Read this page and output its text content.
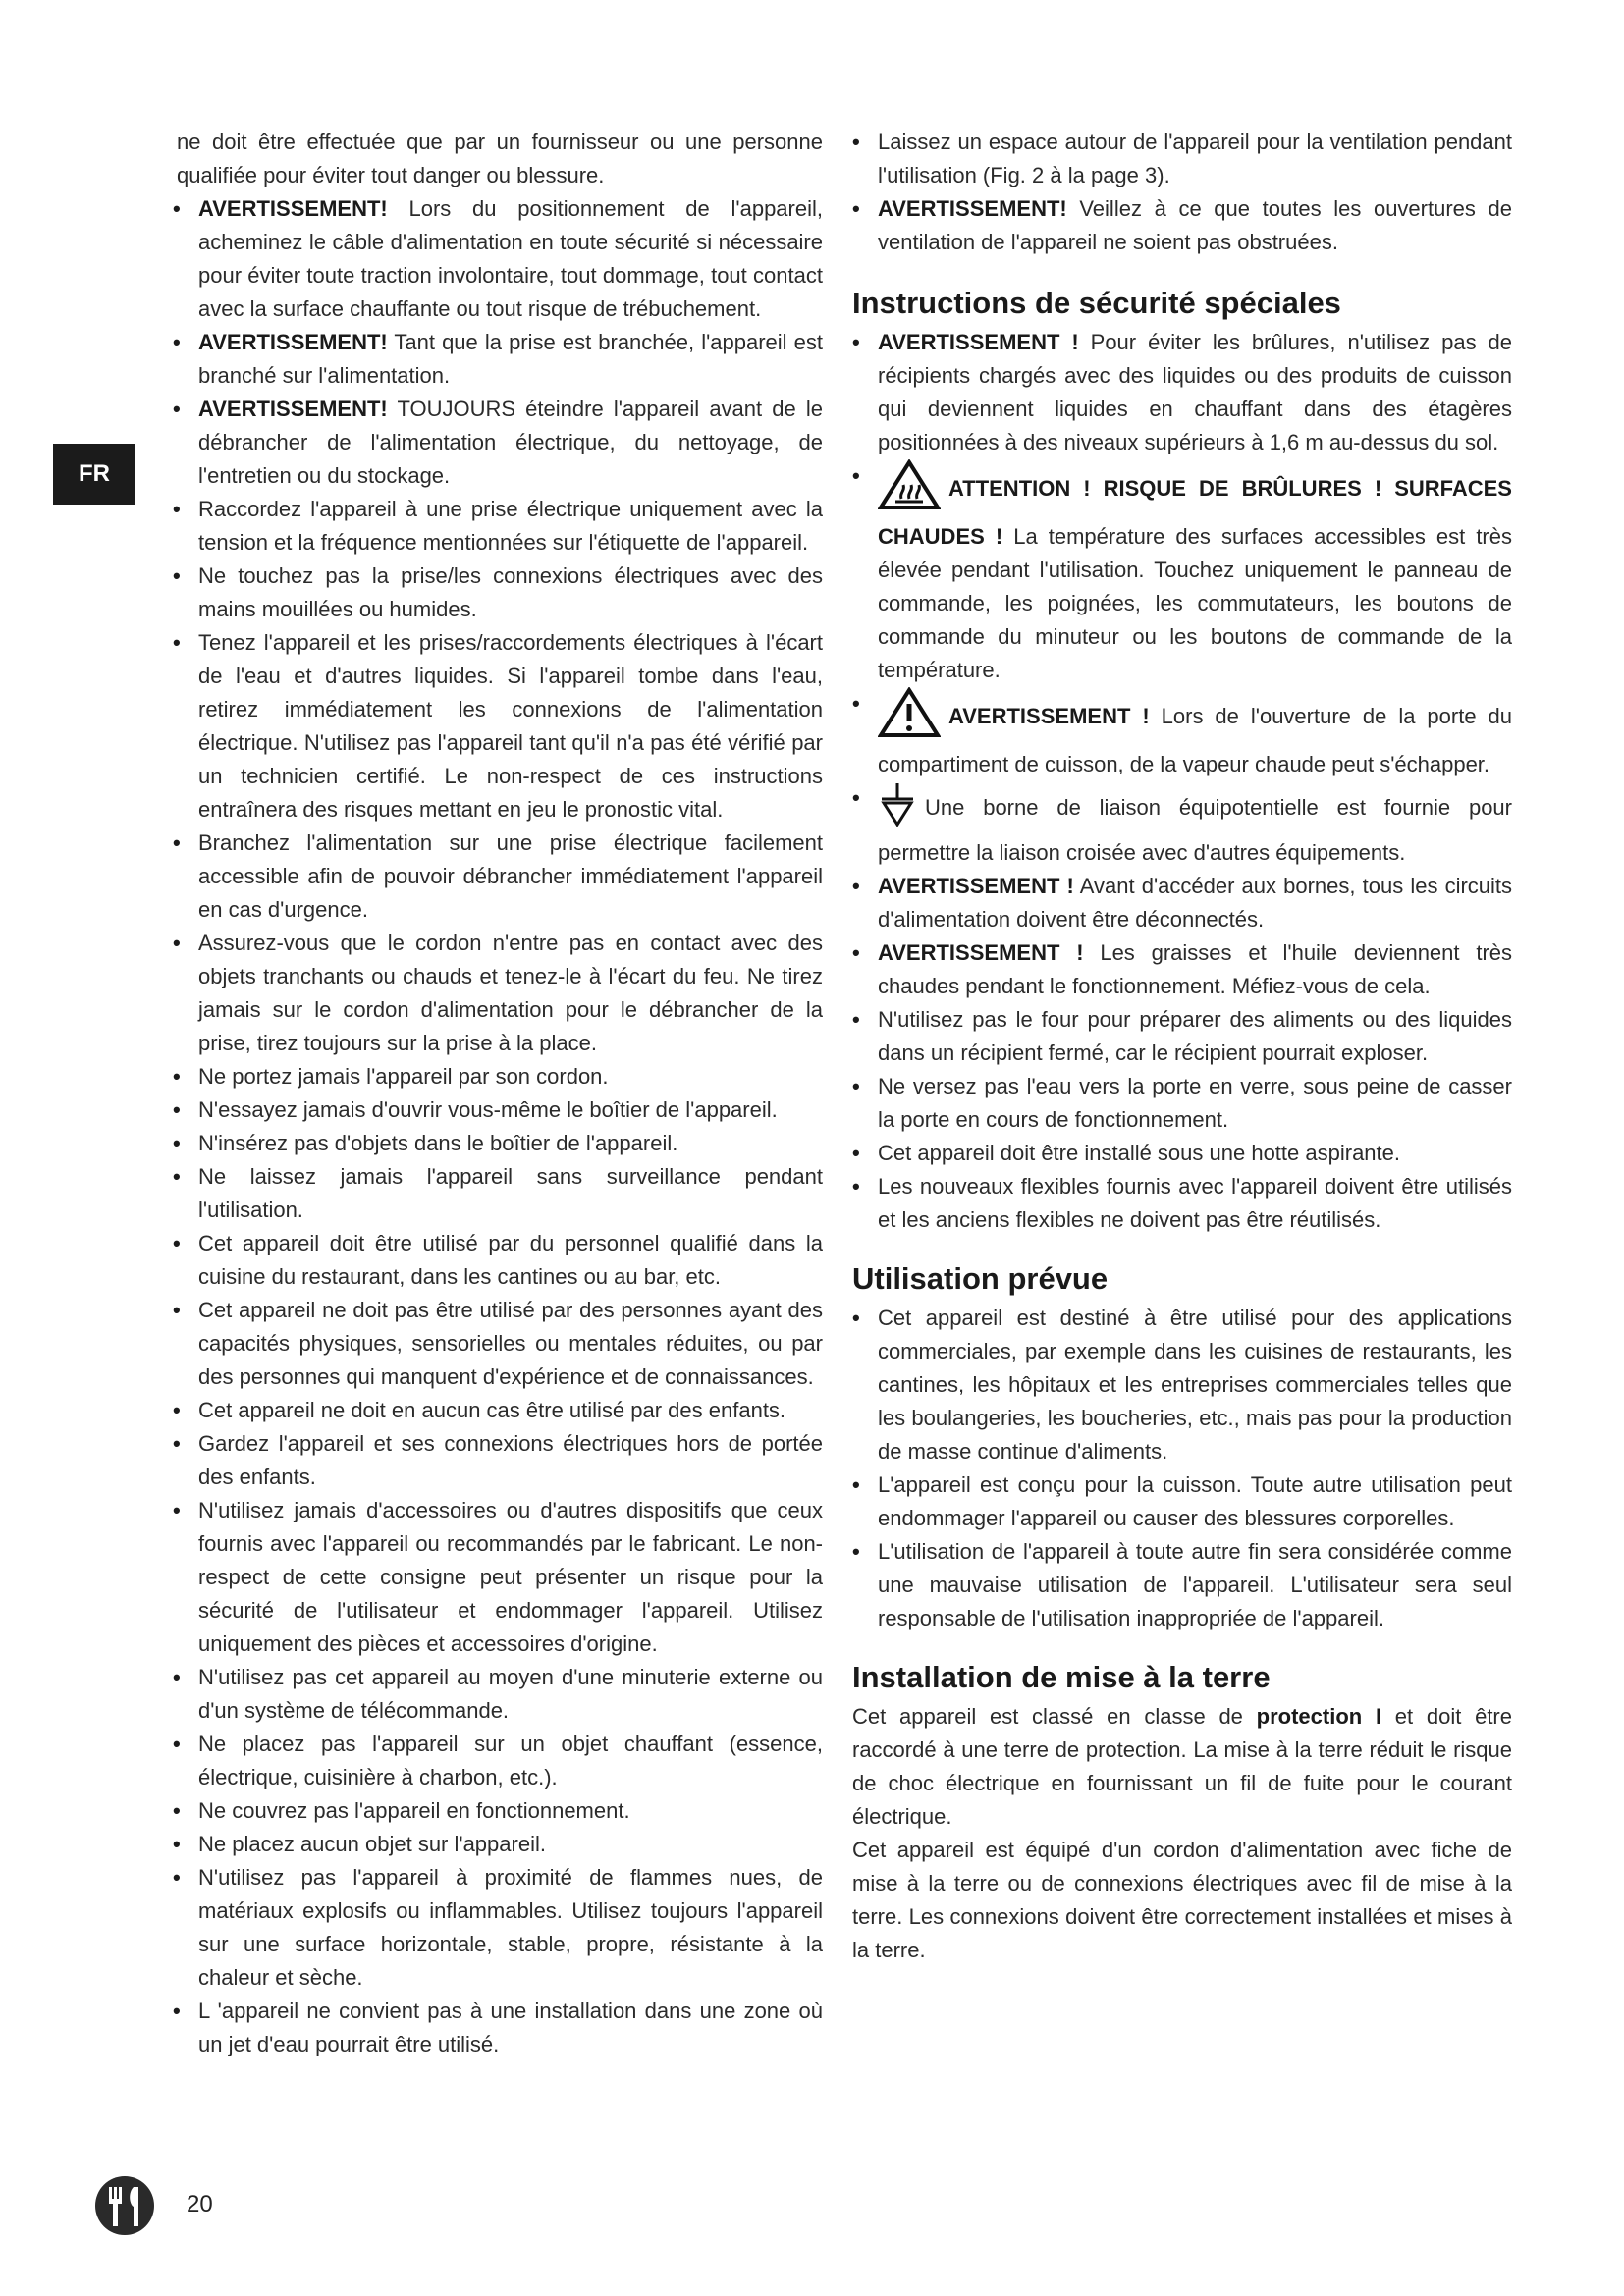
FR

ne doit être effectuée que par un fournisseur ou une personne qualifiée pour éviter tout danger ou blessure.

• AVERTISSEMENT! Lors du positionnement de l'appareil, acheminez le câble d'alimentation en toute sécurité si nécessaire pour éviter toute traction involontaire, tout dommage, tout contact avec la surface chauffante ou tout risque de trébuchement.

• AVERTISSEMENT! Tant que la prise est branchée, l'appareil est branché sur l'alimentation.

• AVERTISSEMENT! TOUJOURS éteindre l'appareil avant de le débrancher de l'alimentation électrique, du nettoyage, de l'entretien ou du stockage.

• Raccordez l'appareil à une prise électrique uniquement avec la tension et la fréquence mentionnées sur l'étiquette de l'appareil.

• Ne touchez pas la prise/les connexions électriques avec des mains mouillées ou humides.

• Tenez l'appareil et les prises/raccordements électriques à l'écart de l'eau et d'autres liquides. Si l'appareil tombe dans l'eau, retirez immédiatement les connexions de l'alimentation électrique. N'utilisez pas l'appareil tant qu'il n'a pas été vérifié par un technicien certifié. Le non-respect de ces instructions entraînera des risques mettant en jeu le pronostic vital.

• Branchez l'alimentation sur une prise électrique facilement accessible afin de pouvoir débrancher immédiatement l'appareil en cas d'urgence.

• Assurez-vous que le cordon n'entre pas en contact avec des objets tranchants ou chauds et tenez-le à l'écart du feu. Ne tirez jamais sur le cordon d'alimentation pour le débrancher de la prise, tirez toujours sur la prise à la place.

• Ne portez jamais l'appareil par son cordon.

• N'essayez jamais d'ouvrir vous-même le boîtier de l'appareil.

• N'insérez pas d'objets dans le boîtier de l'appareil.

• Ne laissez jamais l'appareil sans surveillance pendant l'utilisation.

• Cet appareil doit être utilisé par du personnel qualifié dans la cuisine du restaurant, dans les cantines ou au bar, etc.

• Cet appareil ne doit pas être utilisé par des personnes ayant des capacités physiques, sensorielles ou mentales réduites, ou par des personnes qui manquent d'expérience et de connaissances.

• Cet appareil ne doit en aucun cas être utilisé par des enfants.

• Gardez l'appareil et ses connexions électriques hors de portée des enfants.

• N'utilisez jamais d'accessoires ou d'autres dispositifs que ceux fournis avec l'appareil ou recommandés par le fabricant. Le non-respect de cette consigne peut présenter un risque pour la sécurité de l'utilisateur et endommager l'appareil. Utilisez uniquement des pièces et accessoires d'origine.

• N'utilisez pas cet appareil au moyen d'une minuterie externe ou d'un système de télécommande.

• Ne placez pas l'appareil sur un objet chauffant (essence, électrique, cuisinière à charbon, etc.).

• Ne couvrez pas l'appareil en fonctionnement.

• Ne placez aucun objet sur l'appareil.

• N'utilisez pas l'appareil à proximité de flammes nues, de matériaux explosifs ou inflammables. Utilisez toujours l'appareil sur une surface horizontale, stable, propre, résistante à la chaleur et sèche.

• L 'appareil ne convient pas à une installation dans une zone où un jet d'eau pourrait être utilisé.

• Laissez un espace autour de l'appareil pour la ventilation pendant l'utilisation (Fig. 2 à la page 3).

• AVERTISSEMENT! Veillez à ce que toutes les ouvertures de ventilation de l'appareil ne soient pas obstruées.

Instructions de sécurité spéciales

• AVERTISSEMENT ! Pour éviter les brûlures, n'utilisez pas de récipients chargés avec des liquides ou des produits de cuisson qui deviennent liquides en chauffant dans des étagères positionnées à des niveaux supérieurs à 1,6 m au-dessus du sol.

• ATTENTION ! RISQUE DE BRÛLURES ! SURFACES CHAUDES ! La température des surfaces accessibles est très élevée pendant l'utilisation. Touchez uniquement le panneau de commande, les poignées, les commutateurs, les boutons de commande du minuteur ou les boutons de commande de la température.

• AVERTISSEMENT ! Lors de l'ouverture de la porte du compartiment de cuisson, de la vapeur chaude peut s'échapper.

• Une borne de liaison équipotentielle est fournie pour permettre la liaison croisée avec d'autres équipements.

• AVERTISSEMENT ! Avant d'accéder aux bornes, tous les circuits d'alimentation doivent être déconnectés.

• AVERTISSEMENT ! Les graisses et l'huile deviennent très chaudes pendant le fonctionnement. Méfiez-vous de cela.

• N'utilisez pas le four pour préparer des aliments ou des liquides dans un récipient fermé, car le récipient pourrait exploser.

• Ne versez pas l'eau vers la porte en verre, sous peine de casser la porte en cours de fonctionnement.

• Cet appareil doit être installé sous une hotte aspirante.

• Les nouveaux flexibles fournis avec l'appareil doivent être utilisés et les anciens flexibles ne doivent pas être réutilisés.

Utilisation prévue

• Cet appareil est destiné à être utilisé pour des applications commerciales, par exemple dans les cuisines de restaurants, les cantines, les hôpitaux et les entreprises commerciales telles que les boulangeries, les boucheries, etc., mais pas pour la production de masse continue d'aliments.

• L'appareil est conçu pour la cuisson. Toute autre utilisation peut endommager l'appareil ou causer des blessures corporelles.

• L'utilisation de l'appareil à toute autre fin sera considérée comme une mauvaise utilisation de l'appareil. L'utilisateur sera seul responsable de l'utilisation inappropriée de l'appareil.

Installation de mise à la terre

Cet appareil est classé en classe de protection I et doit être raccordé à une terre de protection. La mise à la terre réduit le risque de choc électrique en fournissant un fil de fuite pour le courant électrique.

Cet appareil est équipé d'un cordon d'alimentation avec fiche de mise à la terre ou de connexions électriques avec fil de mise à la terre. Les connexions doivent être correctement installées et mises à la terre.

20
